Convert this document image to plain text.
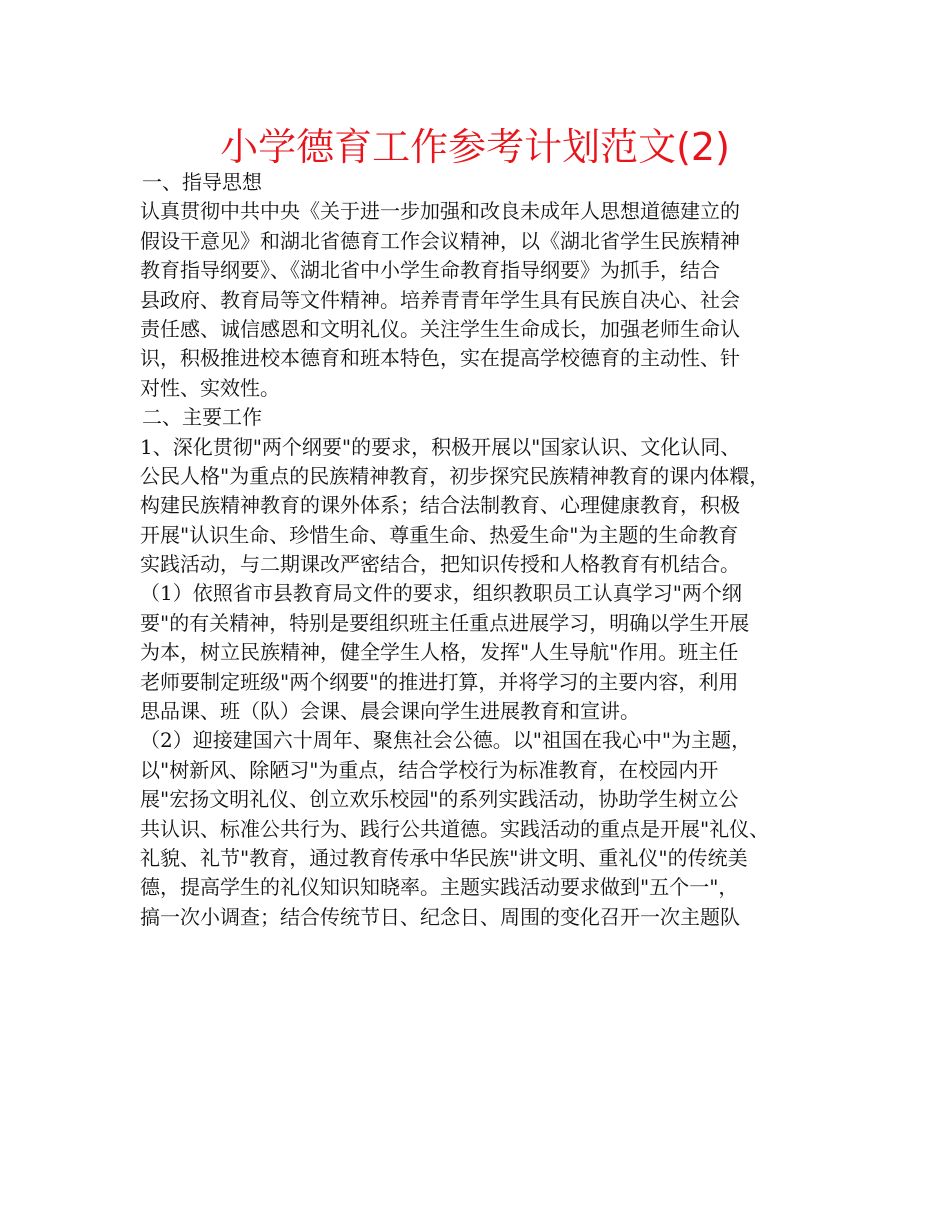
小学德育工作参考计划范文(2)
一、指导思想
认真贯彻中共中央《关于进一步加强和改良未成年人思想道德建立的
假设干意见》和湖北省德育工作会议精神，以《湖北省学生民族精神
教育指导纲要》、《湖北省中小学生命教育指导纲要》为抓手，结合
县政府、教育局等文件精神。培养青青年学生具有民族自决心、社会
责任感、诚信感恩和文明礼仪。关注学生生命成长，加强老师生命认
识，积极推进校本德育和班本特色，实在提高学校德育的主动性、针
对性、实效性。
二、主要工作
1、深化贯彻"两个纲要"的要求，积极开展以"国家认识、文化认同、
公民人格"为重点的民族精神教育，初步探究民族精神教育的课内体糫，
构建民族精神教育的课外体系；结合法制教育、心理健康教育，积极
开展"认识生命、珍惜生命、尊重生命、热爱生命"为主题的生命教育
实践活动，与二期课改严密结合，把知识传授和人格教育有机结合。
（1）依照省市县教育局文件的要求，组织教职员工认真学习"两个纲
要"的有关精神，特别是要组织班主任重点进展学习，明确以学生开展
为本，树立民族精神，健全学生人格，发挥"人生导航"作用。班主任
老师要制定班级"两个纲要"的推进打算，并将学习的主要内容，利用
思品课、班（队）会课、晨会课向学生进展教育和宣讲。
（2）迎接建国六十周年、聚焦社会公德。以"祖国在我心中"为主题，
以"树新风、除陋习"为重点，结合学校行为标准教育，在校园内开
展"宏扬文明礼仪、创立欢乐校园"的系列实践活动，协助学生树立公
共认识、标准公共行为、践行公共道德。实践活动的重点是开展"礼仪、
礼貌、礼节"教育，通过教育传承中华民族"讲文明、重礼仪"的传统美
德，提高学生的礼仪知识知晓率。主题实践活动要求做到"五个一"，
搞一次小调查；结合传统节日、纪念日、周围的变化召开一次主题队
